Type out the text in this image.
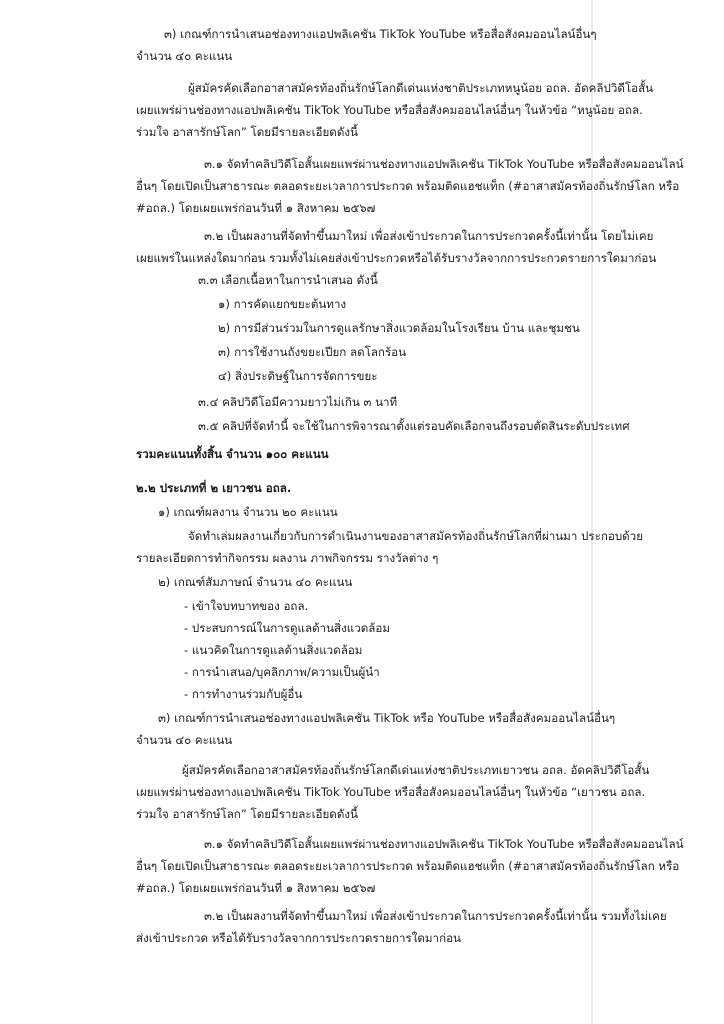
๓) เกณฑ์การนำเสนอช่องทางแอปพลิเคชัน TikTok YouTube หรือสื่อสังคมออนไลน์อื่นๆ
จำนวน ๔๐ คะแนน
ผู้สมัครคัดเลือกอาสาสมัครท้องถิ่นรักษ์โลกดีเด่นแห่งชาติประเภทหนูน้อย อถล. อัดคลิปวิดีโอสั้น
เผยแพร่ผ่านช่องทางแอปพลิเคชัน TikTok YouTube หรือสื่อสังคมออนไลน์อื่นๆ ในหัวข้อ “หนูน้อย อถล.
ร่วมใจ อาสารักษ์โลก” โดยมีรายละเอียดดังนี้
๓.๑ จัดทำคลิปวิดีโอสั้นเผยแพร่ผ่านช่องทางแอปพลิเคชัน TikTok YouTube หรือสื่อสังคมออนไลน์
อื่นๆ โดยเปิดเป็นสาธารณะ ตลอดระยะเวลาการประกวด พร้อมติดแฮชแท็ก (#อาสาสมัครท้องถิ่นรักษ์โลก หรือ
#อถล.) โดยเผยแพร่ก่อนวันที่ ๑ สิงหาคม ๒๕๖๗
๓.๒ เป็นผลงานที่จัดทำขึ้นมาใหม่ เพื่อส่งเข้าประกวดในการประกวดครั้งนี้เท่านั้น โดยไม่เคย
เผยแพร่ในแหล่งใดมาก่อน รวมทั้งไม่เคยส่งเข้าประกวดหรือได้รับรางวัลจากการประกวดรายการใดมาก่อน
๓.๓ เลือกเนื้อหาในการนำเสนอ ดังนี้
๑) การคัดแยกขยะต้นทาง
๒) การมีส่วนร่วมในการดูแลรักษาสิ่งแวดล้อมในโรงเรียน บ้าน และชุมชน
๓) การใช้งานถังขยะเปียก ลดโลกร้อน
๔) สิ่งประดิษฐ์ในการจัดการขยะ
๓.๔ คลิปวิดีโอมีความยาวไม่เกิน ๓ นาที
๓.๕ คลิปที่จัดทำนี้ จะใช้ในการพิจารณาตั้งแต่รอบคัดเลือกจนถึงรอบตัดสินระดับประเทศ
รวมคะแนนทั้งสิ้น จำนวน ๑๐๐ คะแนน
๒.๒ ประเภทที่ ๒ เยาวชน อถล.
๑) เกณฑ์ผลงาน จำนวน ๒๐ คะแนน
จัดทำเล่มผลงานเกี่ยวกับการดำเนินงานของอาสาสมัครท้องถิ่นรักษ์โลกที่ผ่านมา ประกอบด้วย
รายละเอียดการทำกิจกรรม ผลงาน ภาพกิจกรรม รางวัลต่าง ๆ
๒) เกณฑ์สัมภาษณ์ จำนวน ๔๐ คะแนน
- เข้าใจบทบาทของ อถล.
- ประสบการณ์ในการดูแลด้านสิ่งแวดล้อม
- แนวคิดในการดูแลด้านสิ่งแวดล้อม
- การนำเสนอ/บุคลิกภาพ/ความเป็นผู้นำ
- การทำงานร่วมกับผู้อื่น
๓) เกณฑ์การนำเสนอช่องทางแอปพลิเคชัน TikTok หรือ YouTube หรือสื่อสังคมออนไลน์อื่นๆ
จำนวน ๔๐ คะแนน
ผู้สมัครคัดเลือกอาสาสมัครท้องถิ่นรักษ์โลกดีเด่นแห่งชาติประเภทเยาวชน อถล. อัดคลิปวิดีโอสั้น
เผยแพร่ผ่านช่องทางแอปพลิเคชัน TikTok YouTube หรือสื่อสังคมออนไลน์อื่นๆ ในหัวข้อ “เยาวชน อถล.
ร่วมใจ อาสารักษ์โลก” โดยมีรายละเอียดดังนี้
๓.๑ จัดทำคลิปวิดีโอสั้นเผยแพร่ผ่านช่องทางแอปพลิเคชัน TikTok YouTube หรือสื่อสังคมออนไลน์
อื่นๆ โดยเปิดเป็นสาธารณะ ตลอดระยะเวลาการประกวด พร้อมติดแฮชแท็ก (#อาสาสมัครท้องถิ่นรักษ์โลก หรือ
#อถล.) โดยเผยแพร่ก่อนวันที่ ๑ สิงหาคม ๒๕๖๗
๓.๒ เป็นผลงานที่จัดทำขึ้นมาใหม่ เพื่อส่งเข้าประกวดในการประกวดครั้งนี้เท่านั้น รวมทั้งไม่เคย
ส่งเข้าประกวด หรือได้รับรางวัลจากการประกวดรายการใดมาก่อน
